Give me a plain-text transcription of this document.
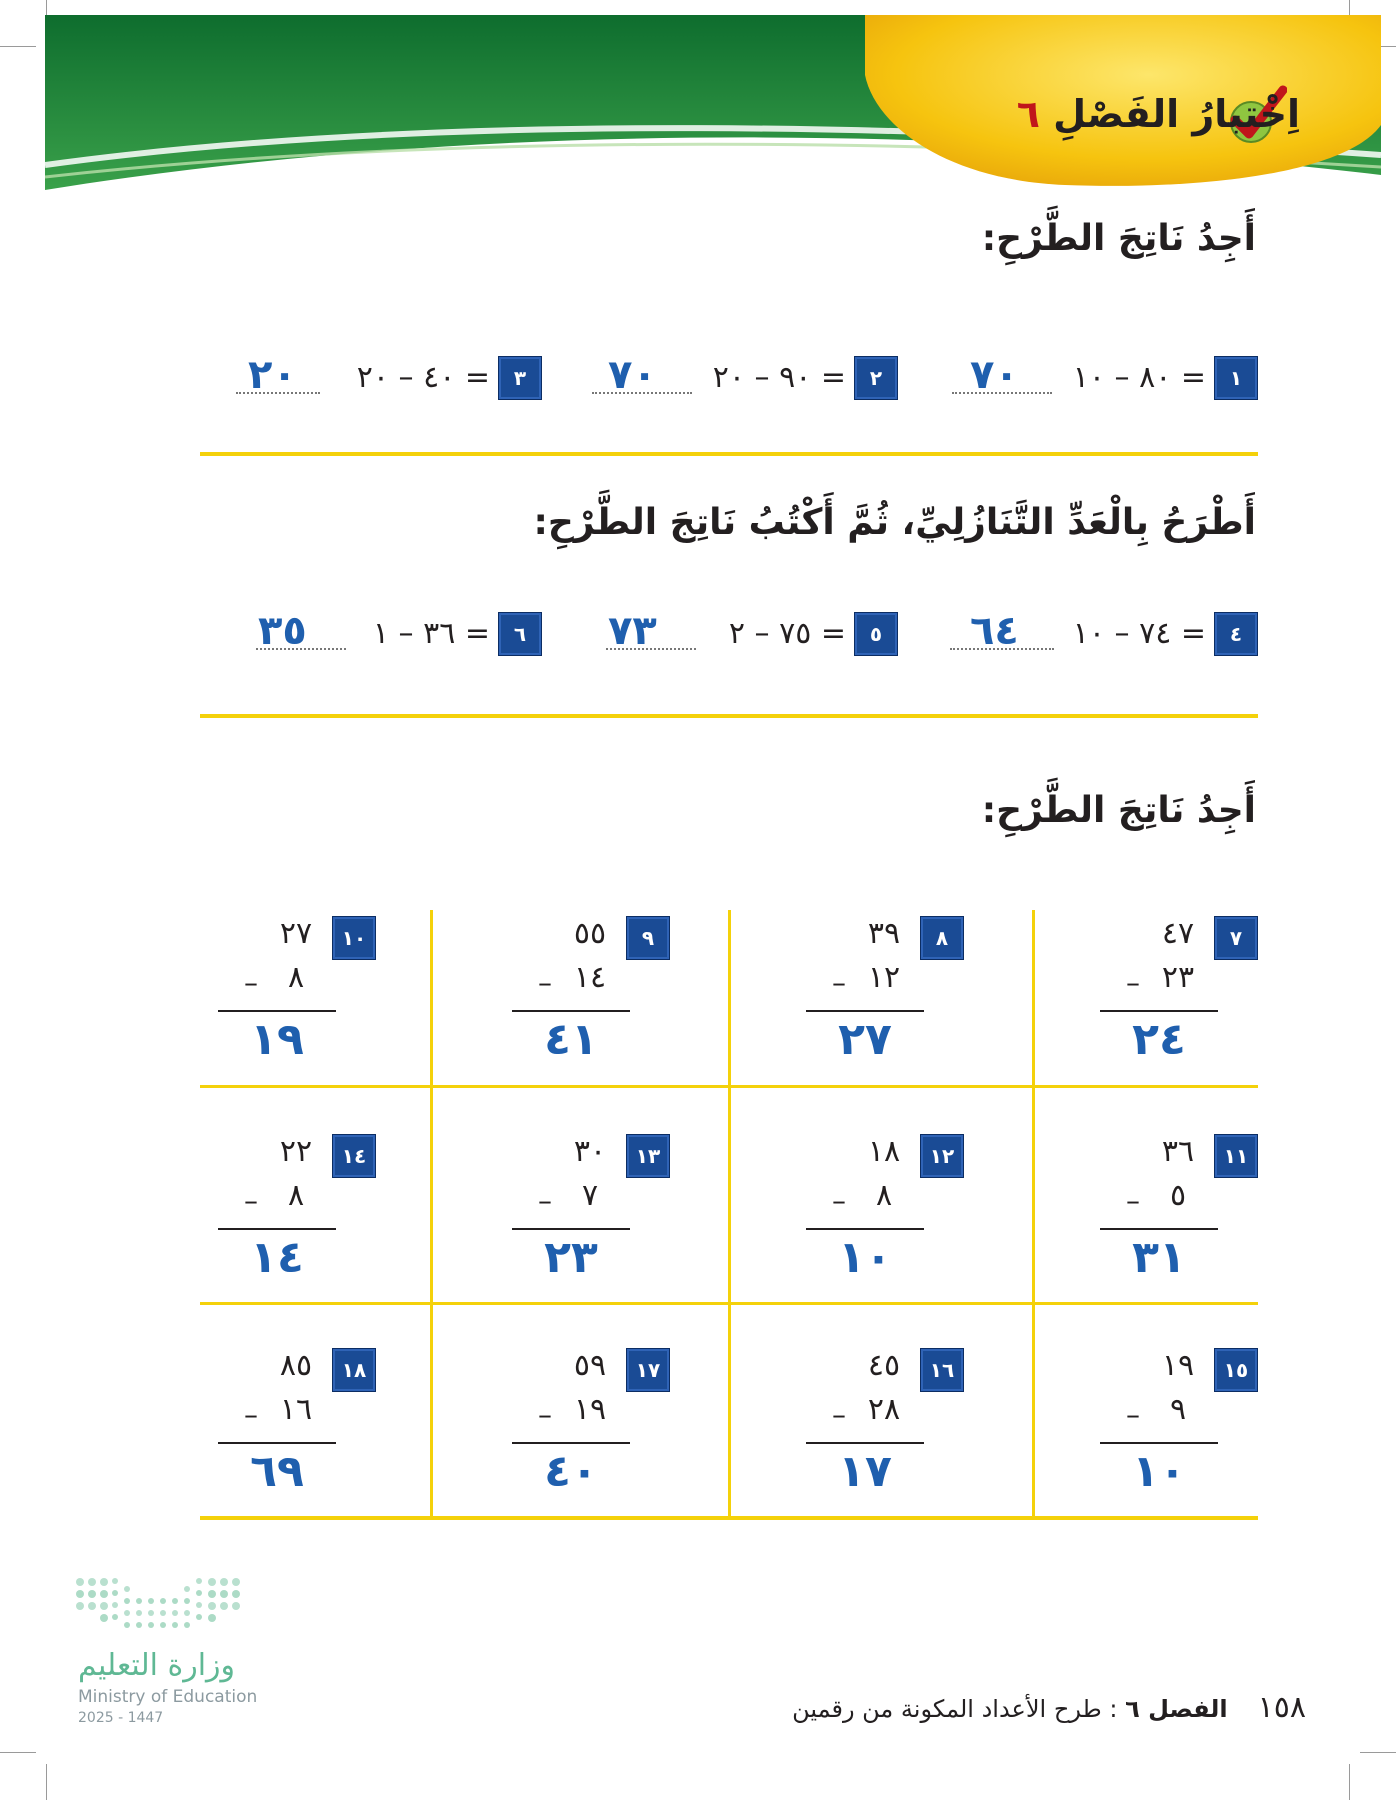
اِخْتبارُ الفَصْلِ ٦
أَجِدُ نَاتِجَ الطَّرْحِ:
١
٨٠ – ١٠ =
٧٠
٢
٩٠ – ٢٠ =
٧٠
٣
٤٠ – ٢٠ =
٢٠
أَطْرَحُ بِالْعَدِّ التَّنَازُلِيِّ، ثُمَّ أَكْتُبُ نَاتِجَ الطَّرْحِ:
٤
٧٤ – ١٠ =
٦٤
٥
٧٥ – ٢ =
٧٣
٦
٣٦ – ١ =
٣٥
أَجِدُ نَاتِجَ الطَّرْحِ:
٧
٤٧
– ٢٣
٢٤
٨
٣٩
– ١٢
٢٧
٩
٥٥
– ١٤
٤١
١٠
٢٧
– ٨
١٩
١١
٣٦
– ٥
٣١
١٢
١٨
– ٨
١٠
١٣
٣٠
– ٧
٢٣
١٤
٢٢
– ٨
١٤
١٥
١٩
– ٩
١٠
١٦
٤٥
– ٢٨
١٧
١٧
٥٩
– ١٩
٤٠
١٨
٨٥
– ١٦
٦٩
وزارة التعليم
Ministry of Education
2025 - 1447	١٥٨الفصل ٦ : طرح الأعداد المكونة من رقمين
